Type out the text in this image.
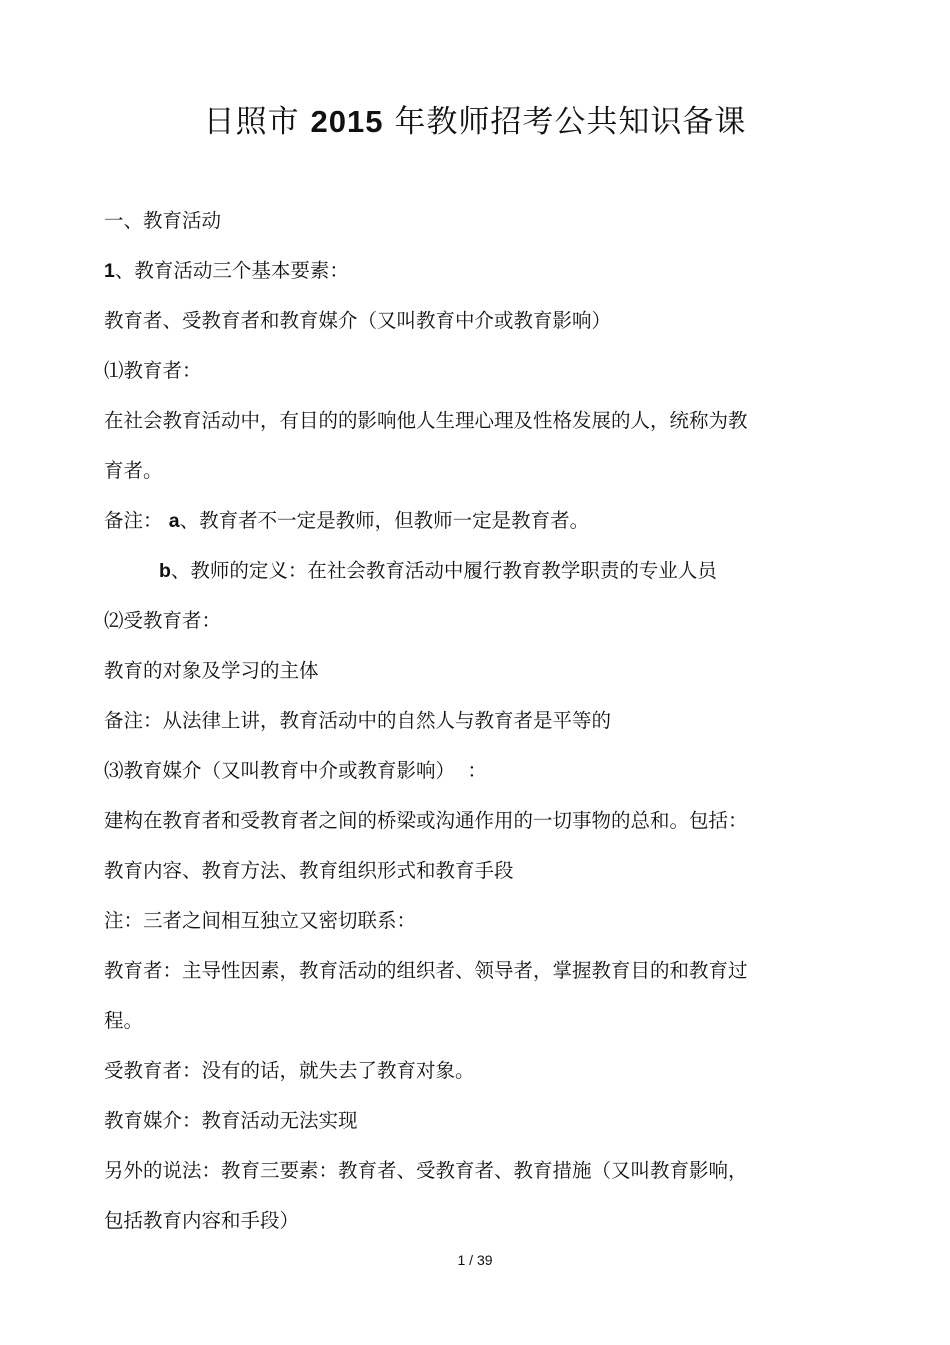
日照市 2015 年教师招考公共知识备课
一、教育活动
1、教育活动三个基本要素：
教育者、受教育者和教育媒介（又叫教育中介或教育影响）
⑴教育者：
在社会教育活动中，有目的的影响他人生理心理及性格发展的人，统称为教
育者。
备注： a、教育者不一定是教师，但教师一定是教育者。
b、教师的定义：在社会教育活动中履行教育教学职责的专业人员
⑵受教育者：
教育的对象及学习的主体
备注：从法律上讲，教育活动中的自然人与教育者是平等的
⑶教育媒介（又叫教育中介或教育影响）  ：
建构在教育者和受教育者之间的桥梁或沟通作用的一切事物的总和。包括：
教育内容、教育方法、教育组织形式和教育手段
注：三者之间相互独立又密切联系：
教育者：主导性因素，教育活动的组织者、领导者，掌握教育目的和教育过
程。
受教育者：没有的话，就失去了教育对象。
教育媒介：教育活动无法实现
另外的说法：教育三要素：教育者、受教育者、教育措施（又叫教育影响，
包括教育内容和手段）
1 / 39
